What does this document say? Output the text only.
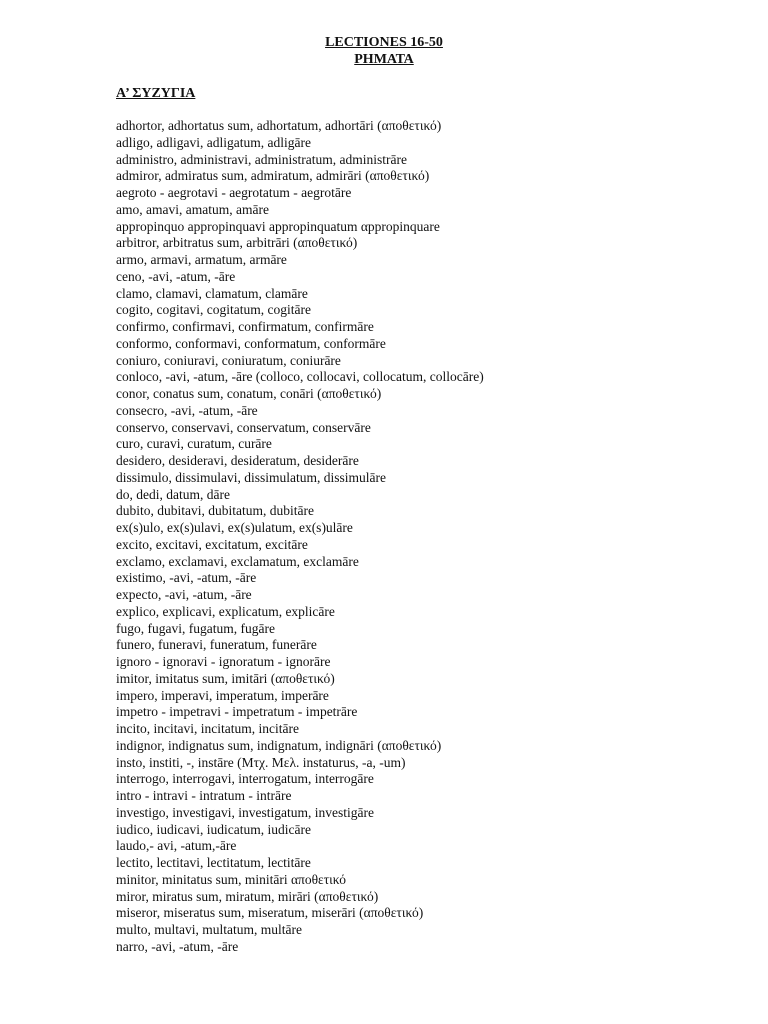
LECTIONES 16-50
ΡΗΜΑΤΑ
Α’ ΣΥΖΥΓΙΑ
adhortor, adhortatus sum, adhortatum, adhortāri (αποθετικό)
adligo, adligavi, adligatum, adligāre
administro, administravi, administratum, administrāre
admiror, admiratus sum, admiratum, admirāri (αποθετικό)
aegroto - aegrotavi - aegrotatum - aegrotāre
amo, amavi, amatum, amāre
appropinquo appropinquavi appropinquatum αppropinquare
arbitror, arbitratus sum, arbitrāri (αποθετικό)
armo, armavi, armatum, armāre
ceno, -avi, -atum, -āre
clamo, clamavi, clamatum, clamāre
cogito, cogitavi, cogitatum, cogitāre
confirmo, confirmavi, confirmatum, confirmāre
conformo, conformavi, conformatum, conformāre
coniuro, coniuravi, coniuratum, coniurāre
conloco, -avi, -atum, -āre (colloco, collocavi, collocatum, collocāre)
conor, conatus sum, conatum, conāri (αποθετικό)
consecro, -avi, -atum, -āre
conservo, conservavi, conservatum, conservāre
curo, curavi, curatum, curāre
desidero, desideravi, desideratum, desiderāre
dissimulo, dissimulavi, dissimulatum, dissimulāre
do, dedi, datum, dāre
dubito, dubitavi, dubitatum, dubitāre
ex(s)ulo, ex(s)ulavi, ex(s)ulatum, ex(s)ulāre
excito, excitavi, excitatum, excitāre
exclamo, exclamavi, exclamatum, exclamāre
existimo, -avi, -atum, -āre
expecto, -avi, -atum, -āre
explico, explicavi, explicatum, explicāre
fugo, fugavi, fugatum, fugāre
funero, funeravi, funeratum, funerāre
ignoro - ignoravi - ignoratum - ignorāre
imitor, imitatus sum, imitāri (αποθετικό)
impero, imperavi, imperatum, imperāre
impetro - impetravi - impetratum - impetrāre
incito, incitavi, incitatum, incitāre
indignor, indignatus sum, indignatum, indignāri (αποθετικό)
insto, institi, -, instāre (Μτχ. Μελ. instaturus, -a, -um)
interrogo, interrogavi, interrogatum, interrogāre
intro - intravi - intratum - intrāre
investigo, investigavi, investigatum, investigāre
iudico, iudicavi, iudicatum, iudicāre
laudo,- avi, -atum,-āre
lectito, lectitavi, lectitatum, lectitāre
minitor, minitatus sum, minitāri αποθετικό
miror, miratus sum, miratum, mirāri (αποθετικό)
miseror, miseratus sum, miseratum, miserāri (αποθετικό)
multo, multavi, multatum, multāre
narro, -avi, -atum, -āre
